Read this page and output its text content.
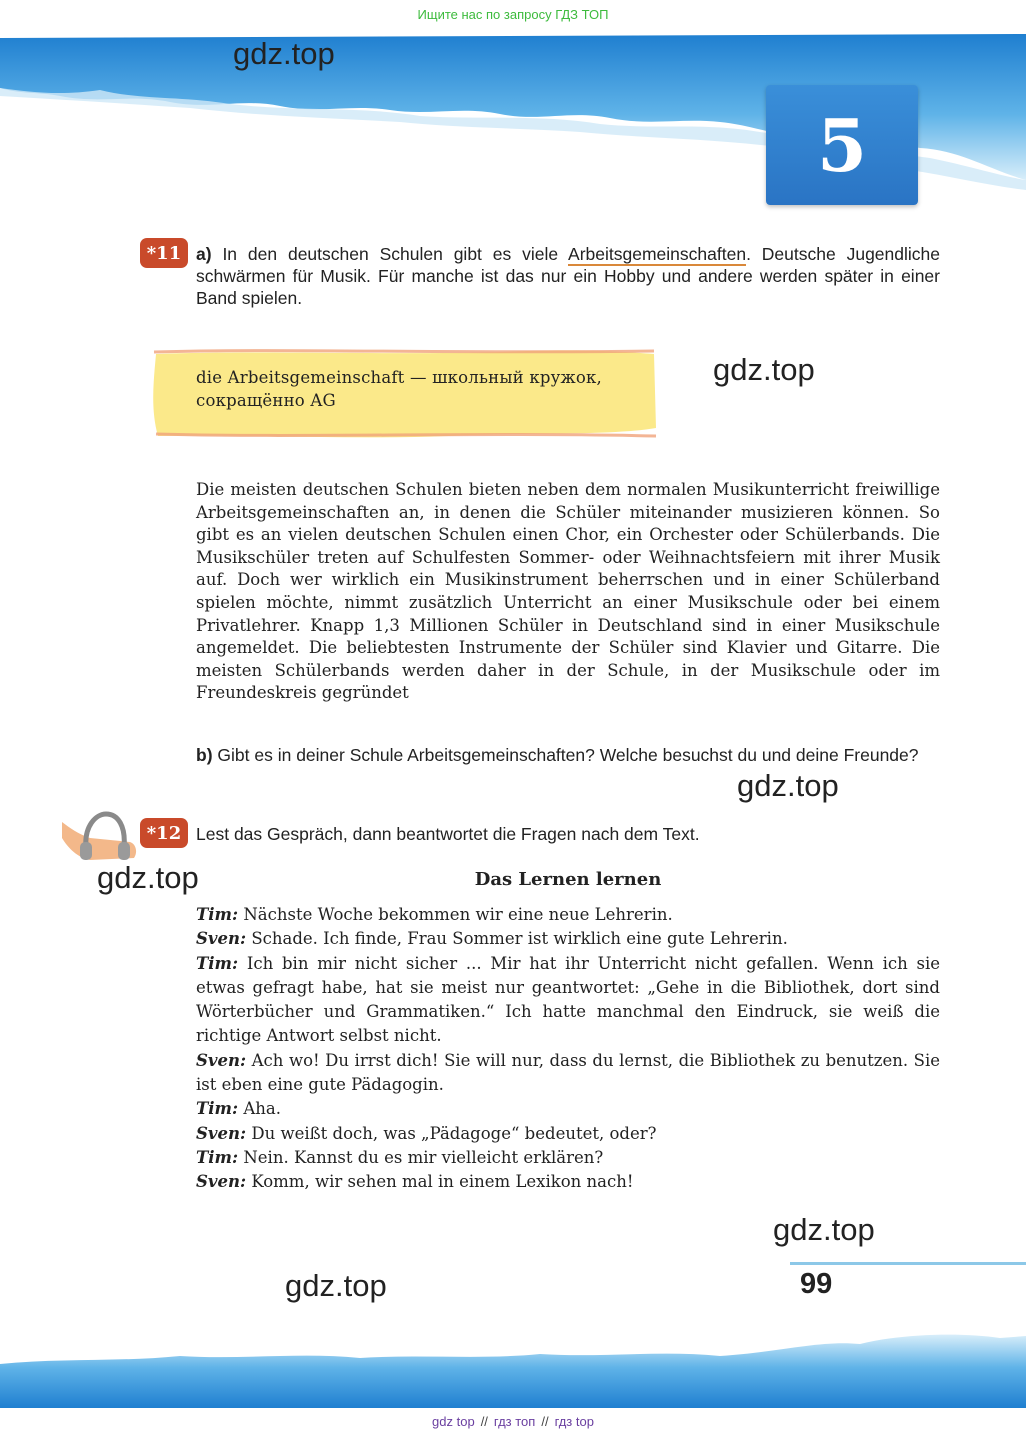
Ищите нас по запросу ГДЗ ТОП
5
gdz.top
*11 a) In den deutschen Schulen gibt es viele Arbeitsgemeinschaften. Deutsche Jugendliche schwärmen für Musik. Für manche ist das nur ein Hobby und andere werden später in einer Band spielen.
die Arbeitsgemeinschaft — школьный кружок,
сокращённо AG
gdz.top
Die meisten deutschen Schulen bieten neben dem normalen Musikunterricht freiwillige Arbeitsgemeinschaften an, in denen die Schüler miteinander musizieren können. So gibt es an vielen deutschen Schulen einen Chor, ein Orchester oder Schülerbands. Die Musikschüler treten auf Schulfesten Sommer- oder Weihnachtsfeiern mit ihrer Musik auf. Doch wer wirklich ein Musikinstrument beherrschen und in einer Schülerband spielen möchte, nimmt zusätzlich Unterricht an einer Musikschule oder bei einem Privatlehrer. Knapp 1,3 Millionen Schüler in Deutschland sind in einer Musikschule angemeldet. Die beliebtesten Instrumente der Schüler sind Klavier und Gitarre. Die meisten Schülerbands werden daher in der Schule, in der Musikschule oder im Freundeskreis gegründet
b) Gibt es in deiner Schule Arbeitsgemeinschaften? Welche besuchst du und deine Freunde?
gdz.top
*12 Lest das Gespräch, dann beantwortet die Fragen nach dem Text.
gdz.top	Das Lernen lernen

Tim: Nächste Woche bekommen wir eine neue Lehrerin.

Sven: Schade. Ich finde, Frau Sommer ist wirklich eine gute Lehrerin.

Tim: Ich bin mir nicht sicher ... Mir hat ihr Unterricht nicht gefallen. Wenn ich sie etwas gefragt habe, hat sie meist nur geantwortet: „Gehe in die Bibliothek, dort sind Wörterbücher und Grammatiken.“ Ich hatte manchmal den Eindruck, sie weiß die richtige Antwort selbst nicht.

Sven: Ach wo! Du irrst dich! Sie will nur, dass du lernst, die Bibliothek zu benutzen. Sie ist eben eine gute Pädagogin.

Tim: Aha.

Sven: Du weißt doch, was „Pädagoge“ bedeutet, oder?

Tim: Nein. Kannst du es mir vielleicht erklären?

Sven: Komm, wir sehen mal in einem Lexikon nach!

gdz.top
gdz.top	99
gdz top // гдз топ // гдз top
